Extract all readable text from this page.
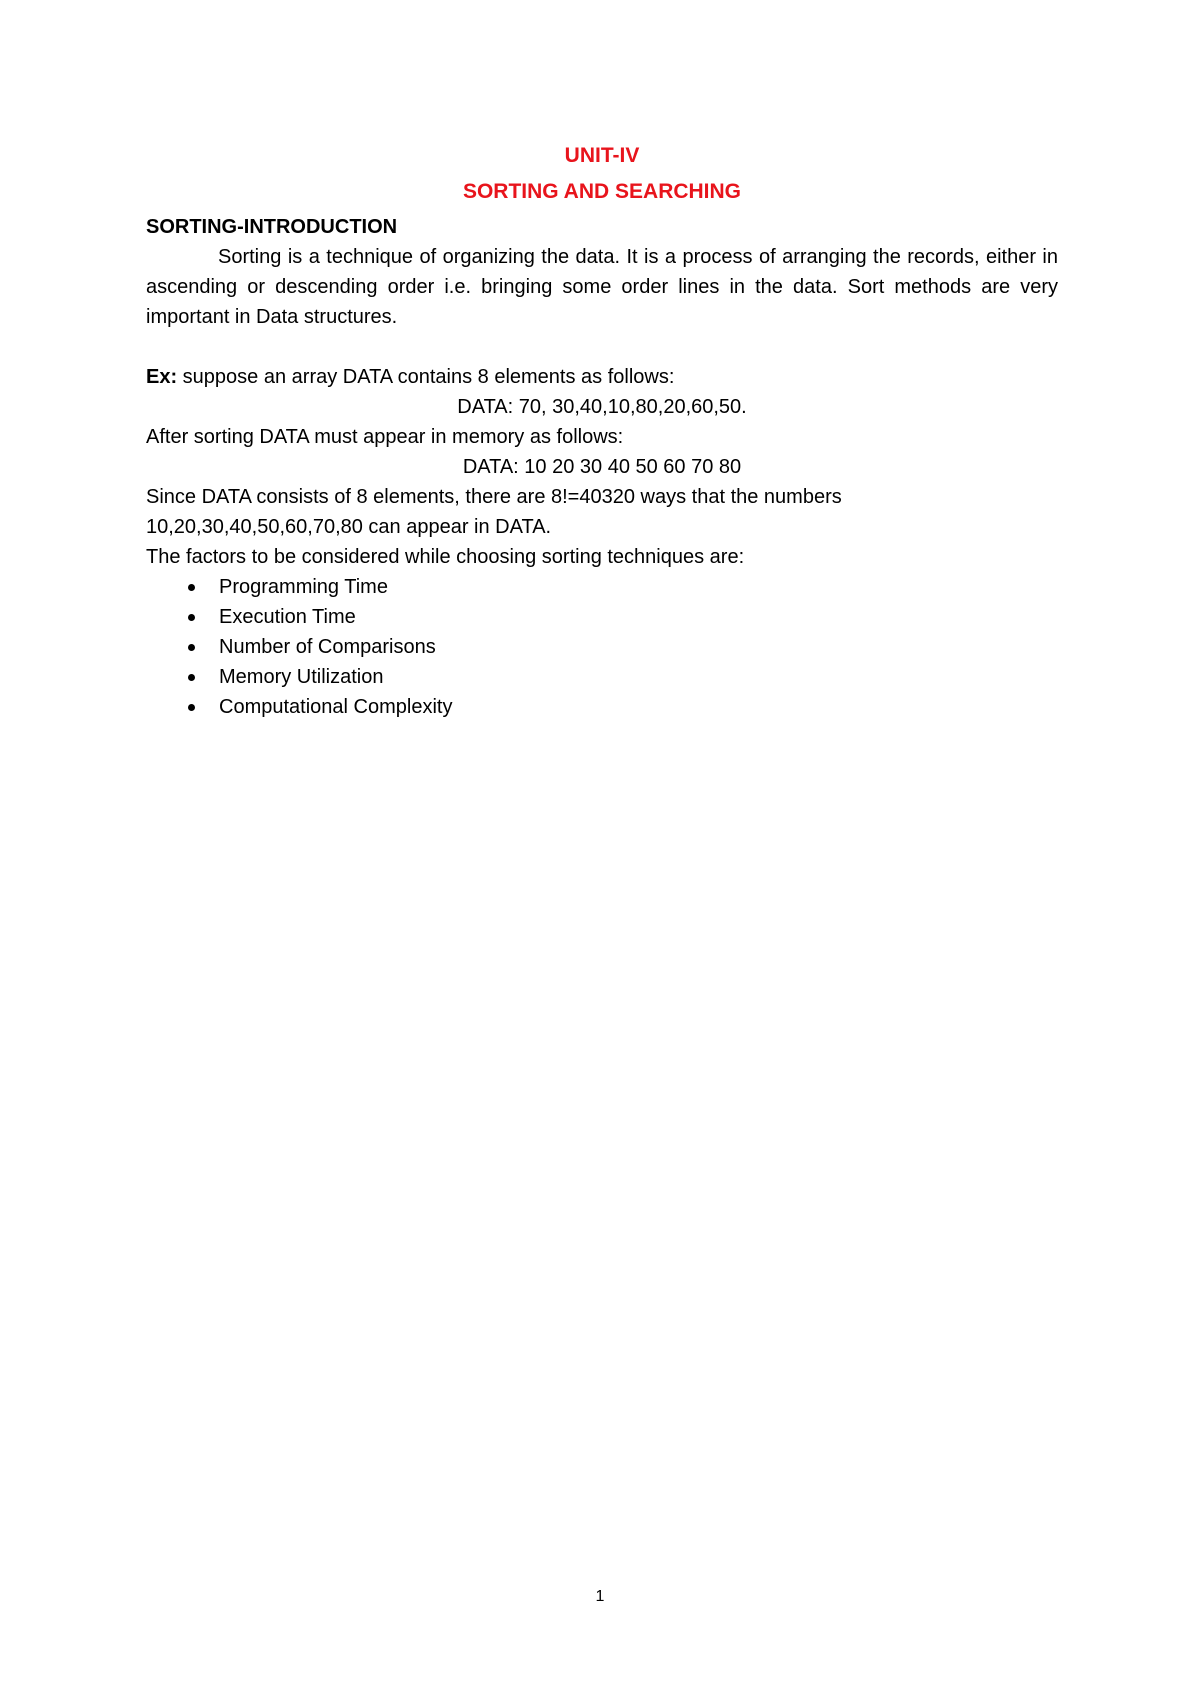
UNIT-IV
SORTING AND SEARCHING
SORTING-INTRODUCTION

Sorting is a technique of organizing the data. It is a process of arranging the records, either in ascending or descending order i.e. bringing some order lines in the data. Sort methods are very important in Data structures.

Ex: suppose an array DATA contains 8 elements as follows:

DATA: 70, 30,40,10,80,20,60,50.

After sorting DATA must appear in memory as follows:

DATA: 10 20 30 40 50 60 70 80

Since DATA consists of 8 elements, there are 8!=40320 ways that the numbers

10,20,30,40,50,60,70,80 can appear in DATA.

The factors to be considered while choosing sorting techniques are:

Programming Time
Execution Time
Number of Comparisons
Memory Utilization
Computational Complexity
1
